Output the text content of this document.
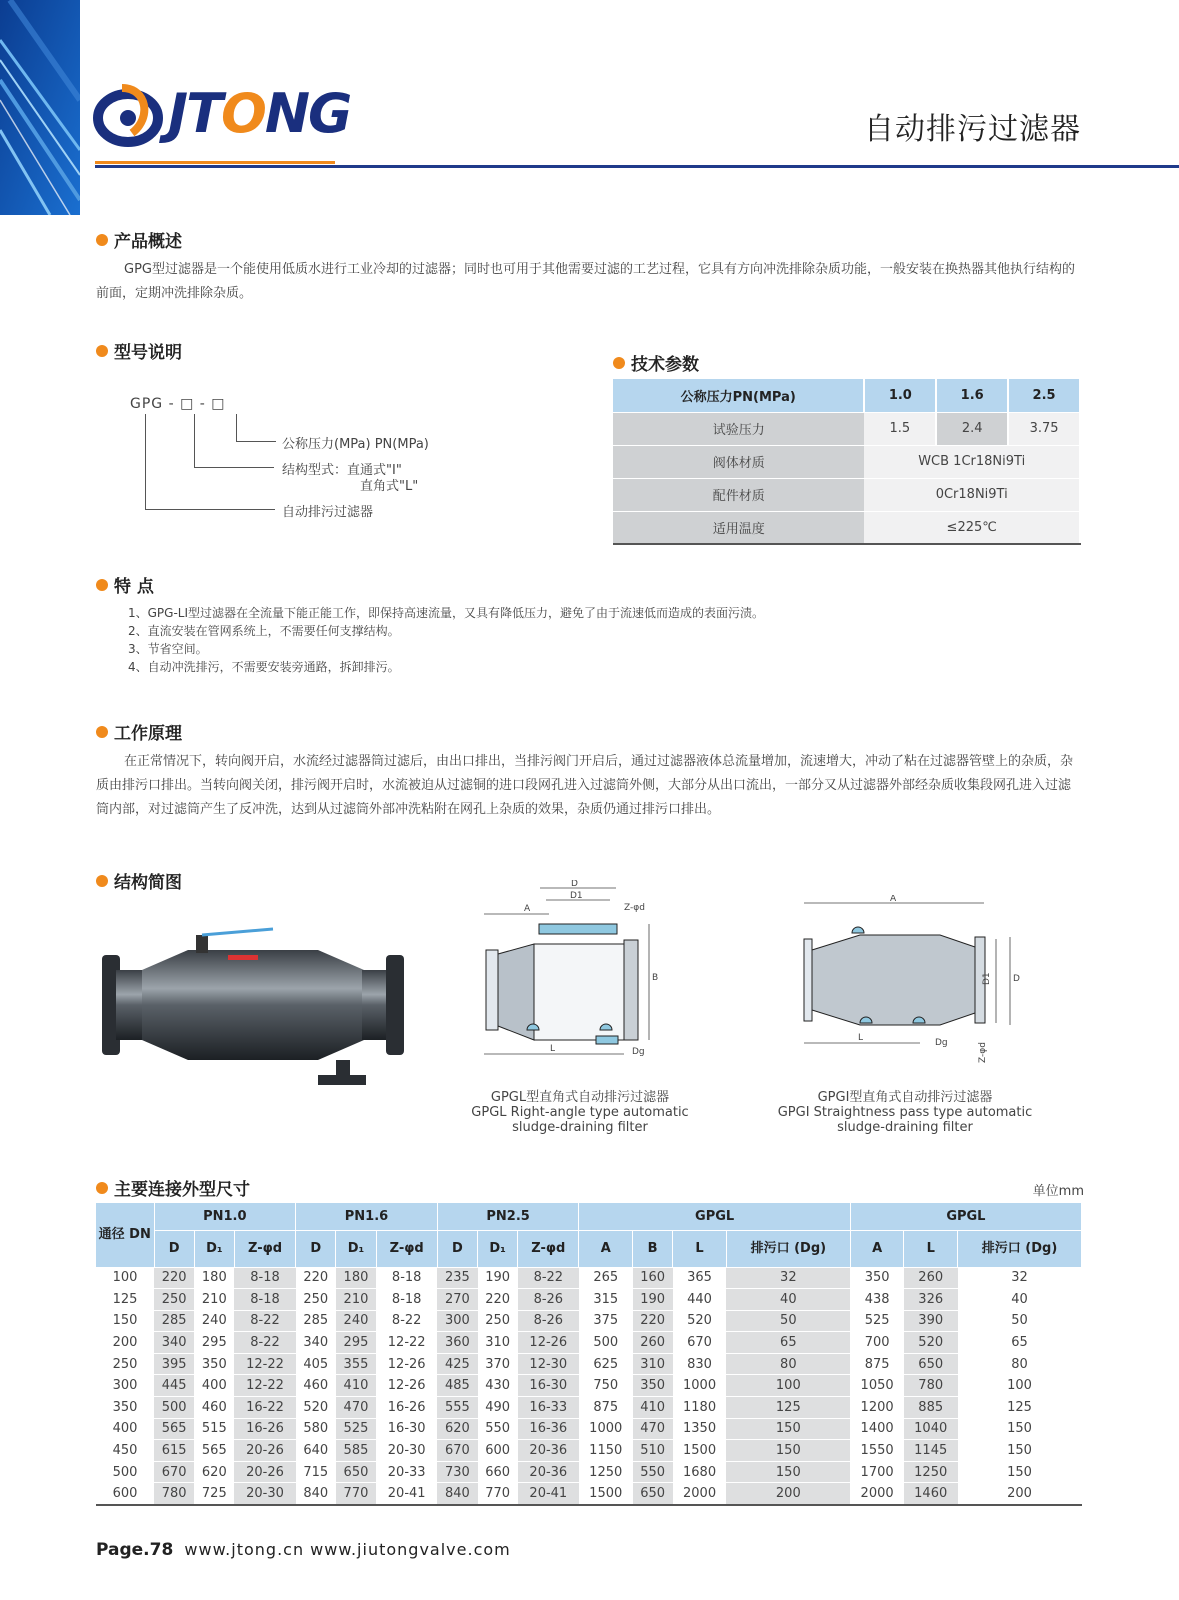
JTONG	自动排污过滤器
产品概述
GPG型过滤器是一个能使用低质水进行工业冷却的过滤器；同时也可用于其他需要过滤的工艺过程，它具有方向冲洗排除杂质功能，一般安装在换热器其他执行结构的前面，定期冲洗排除杂质。
型号说明
GPG - □ - □
公称压力(MPa) PN(MPa)
结构型式：直通式"I"
直角式"L"
自动排污过滤器
技术参数
公称压力PN(MPa)	1.0	1.6	2.5
试验压力	1.5	2.4	3.75
阀体材质	WCB 1Cr18Ni9Ti		
配件材质	0Cr18Ni9Ti		
适用温度	≤225℃		
特 点
1、GPG-LI型过滤器在全流量下能正能工作，即保持高速流量，又具有降低压力，避免了由于流速低而造成的表面污渍。
2、直流安装在管网系统上，不需要任何支撑结构。
3、节省空间。
4、自动冲洗排污，不需要安装旁通路，拆卸排污。
工作原理
在正常情况下，转向阀开启，水流经过滤器筒过滤后，由出口排出，当排污阀门开启后，通过过滤器液体总流量增加，流速增大，冲动了粘在过滤器管壁上的杂质，杂质由排污口排出。当转向阀关闭，排污阀开启时，水流被迫从过滤铜的进口段网孔进入过滤筒外侧，大部分从出口流出，一部分又从过滤器外部经杂质收集段网孔进入过滤筒内部，对过滤筒产生了反冲洗，达到从过滤筒外部冲洗粘附在网孔上杂质的效果，杂质仍通过排污口排出。
结构简图	D
D1
A	Z-φd
B
L	Dg
GPGL型直角式自动排污过滤器
GPGL Right-angle type automatic
sludge-draining filter
A
L	Dg
D1 D
Z-φd
GPGI型直角式自动排污过滤器
GPGI Straightness pass type automatic
sludge-draining filter
主要连接外型尺寸	单位mm
通径 DN	PN1.0			PN1.6			PN2.5			GPGL				GPGL		
	D	D₁	Z-φd	D	D₁	Z-φd	D	D₁	Z-φd	A	B	L	排污口 (Dg)	A	L	排污口 (Dg)
100	220	180	8-18	220	180	8-18	235	190	8-22	265	160	365	32	350	260	32
125	250	210	8-18	250	210	8-18	270	220	8-26	315	190	440	40	438	326	40
150	285	240	8-22	285	240	8-22	300	250	8-26	375	220	520	50	525	390	50
200	340	295	8-22	340	295	12-22	360	310	12-26	500	260	670	65	700	520	65
250	395	350	12-22	405	355	12-26	425	370	12-30	625	310	830	80	875	650	80
300	445	400	12-22	460	410	12-26	485	430	16-30	750	350	1000	100	1050	780	100
350	500	460	16-22	520	470	16-26	555	490	16-33	875	410	1180	125	1200	885	125
400	565	515	16-26	580	525	16-30	620	550	16-36	1000	470	1350	150	1400	1040	150
450	615	565	20-26	640	585	20-30	670	600	20-36	1150	510	1500	150	1550	1145	150
500	670	620	20-26	715	650	20-33	730	660	20-36	1250	550	1680	150	1700	1250	150
600	780	725	20-30	840	770	20-41	840	770	20-41	1500	650	2000	200	2000	1460	200
Page.78 www.jtong.cn www.jiutongvalve.com
